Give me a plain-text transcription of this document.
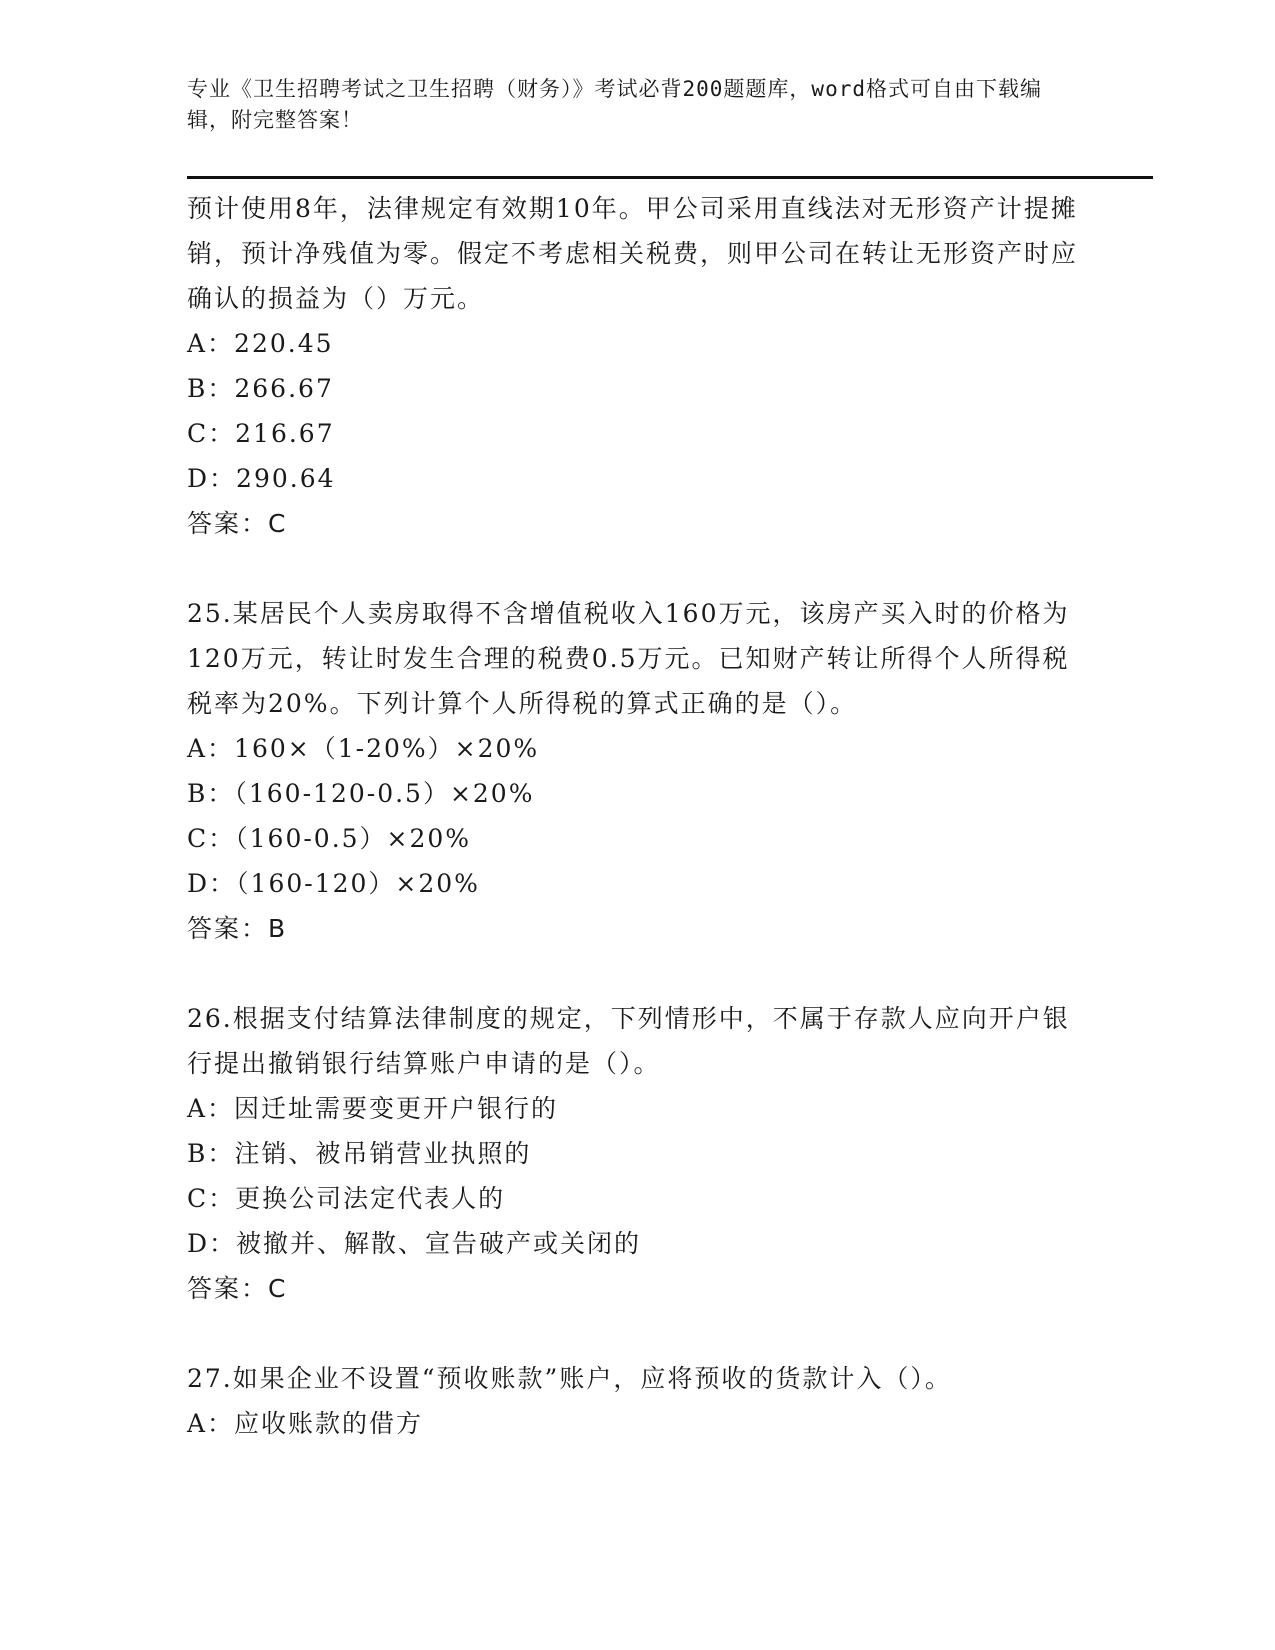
专业《卫生招聘考试之卫生招聘（财务）》考试必背200题题库，word格式可自由下载编辑，附完整答案！

预计使用8年，法律规定有效期10年。甲公司采用直线法对无形资产计提摊销，预计净残值为零。假定不考虑相关税费，则甲公司在转让无形资产时应确认的损益为（）万元。

A：220.45

B：266.67

C：216.67

D：290.64

答案：C

25.某居民个人卖房取得不含增值税收入160万元，该房产买入时的价格为120万元，转让时发生合理的税费0.5万元。已知财产转让所得个人所得税税率为20%。下列计算个人所得税的算式正确的是（）。

A：160×（1-20%）×20%

B：（160-120-0.5）×20%

C：（160-0.5）×20%

D：（160-120）×20%

答案：B

26.根据支付结算法律制度的规定，下列情形中，不属于存款人应向开户银行提出撤销银行结算账户申请的是（）。

A：因迁址需要变更开户银行的

B：注销、被吊销营业执照的

C：更换公司法定代表人的

D：被撤并、解散、宣告破产或关闭的

答案：C

27.如果企业不设置“预收账款”账户，应将预收的货款计入（）。

A：应收账款的借方
